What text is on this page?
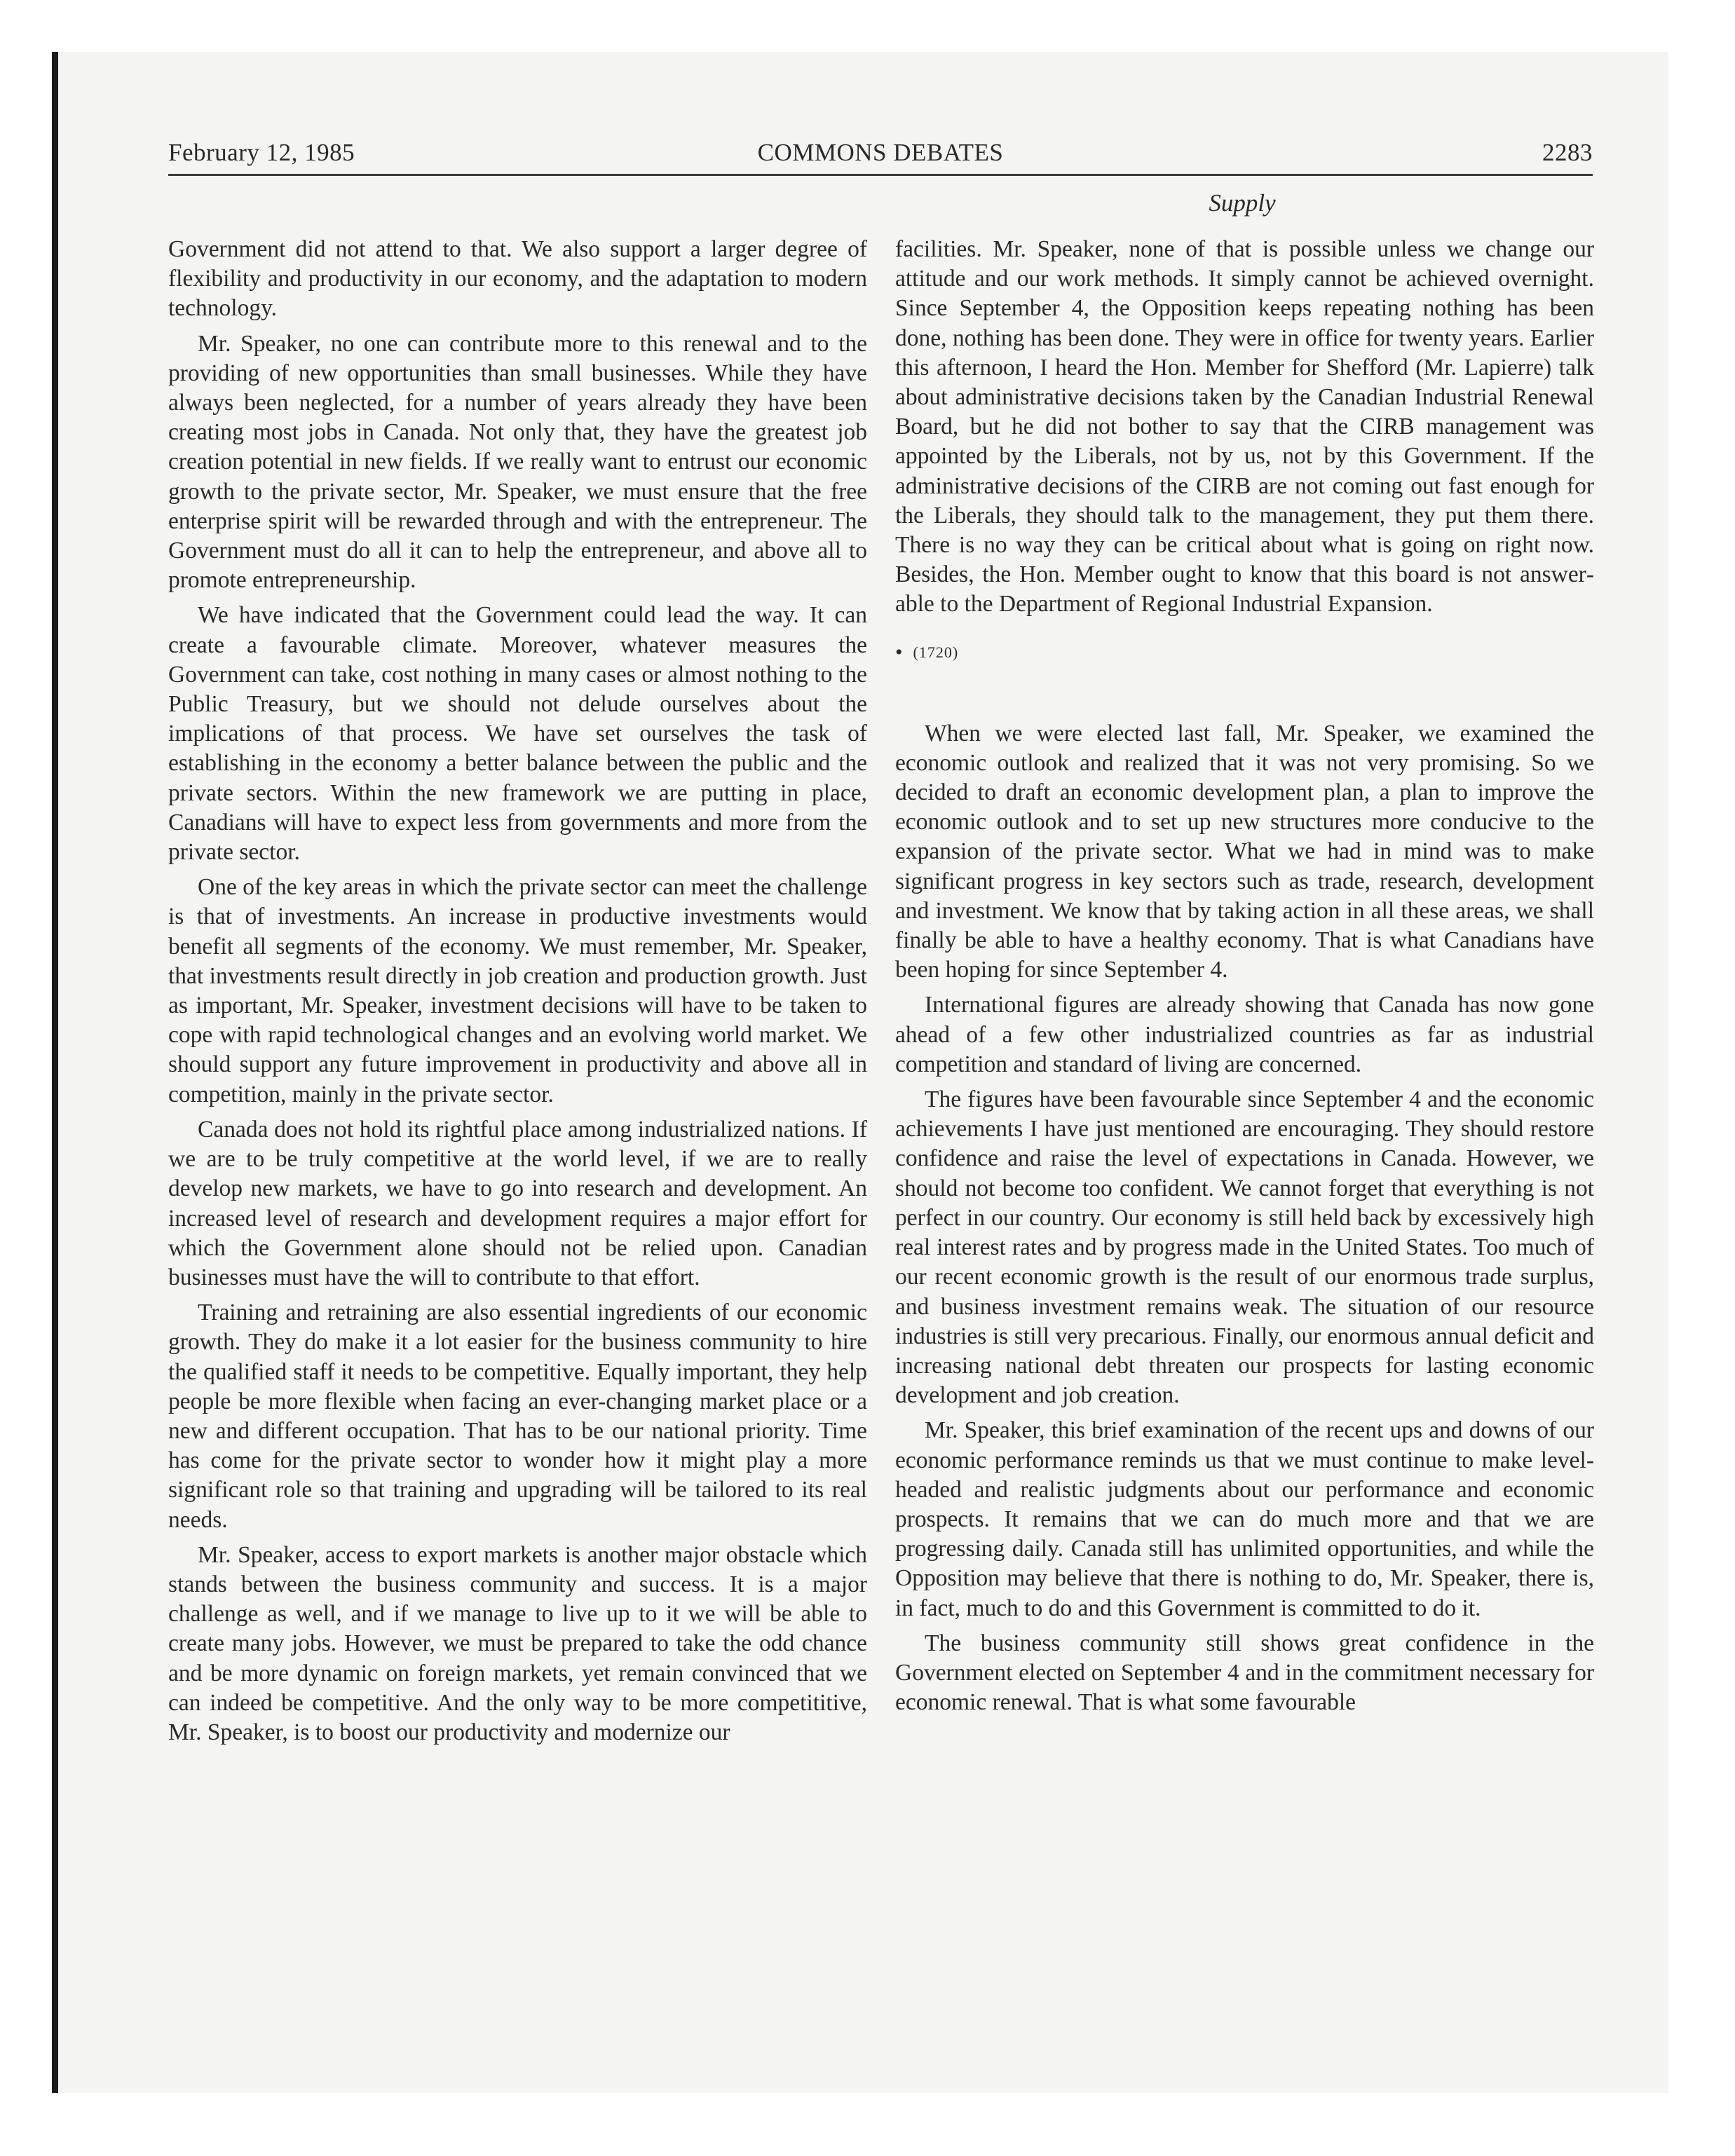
February 12, 1985	COMMONS DEBATES	2283
Supply

Government did not attend to that. We also support a larger degree of flexibility and productivity in our economy, and the adaptation to modern technology.

Mr. Speaker, no one can contribute more to this renewal and to the providing of new opportunities than small businesses. While they have always been neglected, for a number of years already they have been creating most jobs in Canada. Not only that, they have the greatest job creation potential in new fields. If we really want to entrust our economic growth to the private sector, Mr. Speaker, we must ensure that the free enterprise spirit will be rewarded through and with the entrepreneur. The Government must do all it can to help the entrepreneur, and above all to promote entrepreneurship.

We have indicated that the Government could lead the way. It can create a favourable climate. Moreover, whatever measures the Government can take, cost nothing in many cases or almost nothing to the Public Treasury, but we should not delude ourselves about the implications of that process. We have set ourselves the task of establishing in the economy a better balance between the public and the private sectors. Within the new framework we are putting in place, Canadians will have to expect less from governments and more from the private sector.

One of the key areas in which the private sector can meet the challenge is that of investments. An increase in productive investments would benefit all segments of the economy. We must remember, Mr. Speaker, that investments result directly in job creation and production growth. Just as important, Mr. Speaker, investment decisions will have to be taken to cope with rapid technological changes and an evolving world market. We should support any future improvement in productivity and above all in competition, mainly in the private sector.

Canada does not hold its rightful place among industrialized nations. If we are to be truly competitive at the world level, if we are to really develop new markets, we have to go into research and development. An increased level of research and development requires a major effort for which the Government alone should not be relied upon. Canadian businesses must have the will to contribute to that effort.

Training and retraining are also essential ingredients of our economic growth. They do make it a lot easier for the business community to hire the qualified staff it needs to be competitive. Equally important, they help people be more flexible when facing an ever-changing market place or a new and different occupation. That has to be our national priority. Time has come for the private sector to wonder how it might play a more significant role so that training and upgrading will be tailored to its real needs.

Mr. Speaker, access to export markets is another major obstacle which stands between the business community and success. It is a major challenge as well, and if we manage to live up to it we will be able to create many jobs. However, we must be prepared to take the odd chance and be more dynamic on foreign markets, yet remain convinced that we can indeed be competitive. And the only way to be more competititive, Mr. Speaker, is to boost our productivity and modernize our

facilities. Mr. Speaker, none of that is possible unless we change our attitude and our work methods. It simply cannot be achieved overnight. Since September 4, the Opposition keeps repeating nothing has been done, nothing has been done. They were in office for twenty years. Earlier this afternoon, I heard the Hon. Member for Shefford (Mr. Lapierre) talk about administrative decisions taken by the Canadian Industrial Renewal Board, but he did not bother to say that the CIRB management was appointed by the Liberals, not by us, not by this Government. If the administrative decisions of the CIRB are not coming out fast enough for the Liberals, they should talk to the management, they put them there. There is no way they can be critical about what is going on right now. Besides, the Hon. Member ought to know that this board is not answerable to the Department of Regional Industrial Expansion.

• (1720)

When we were elected last fall, Mr. Speaker, we examined the economic outlook and realized that it was not very promising. So we decided to draft an economic development plan, a plan to improve the economic outlook and to set up new structures more conducive to the expansion of the private sector. What we had in mind was to make significant progress in key sectors such as trade, research, development and investment. We know that by taking action in all these areas, we shall finally be able to have a healthy economy. That is what Canadians have been hoping for since September 4.

International figures are already showing that Canada has now gone ahead of a few other industrialized countries as far as industrial competition and standard of living are concerned.

The figures have been favourable since September 4 and the economic achievements I have just mentioned are encouraging. They should restore confidence and raise the level of expectations in Canada. However, we should not become too confident. We cannot forget that everything is not perfect in our country. Our economy is still held back by excessively high real interest rates and by progress made in the United States. Too much of our recent economic growth is the result of our enormous trade surplus, and business investment remains weak. The situation of our resource industries is still very precarious. Finally, our enormous annual deficit and increasing national debt threaten our prospects for lasting economic development and job creation.

Mr. Speaker, this brief examination of the recent ups and downs of our economic performance reminds us that we must continue to make level-headed and realistic judgments about our performance and economic prospects. It remains that we can do much more and that we are progressing daily. Canada still has unlimited opportunities, and while the Opposition may believe that there is nothing to do, Mr. Speaker, there is, in fact, much to do and this Government is committed to do it.

The business community still shows great confidence in the Government elected on September 4 and in the commitment necessary for economic renewal. That is what some favourable
